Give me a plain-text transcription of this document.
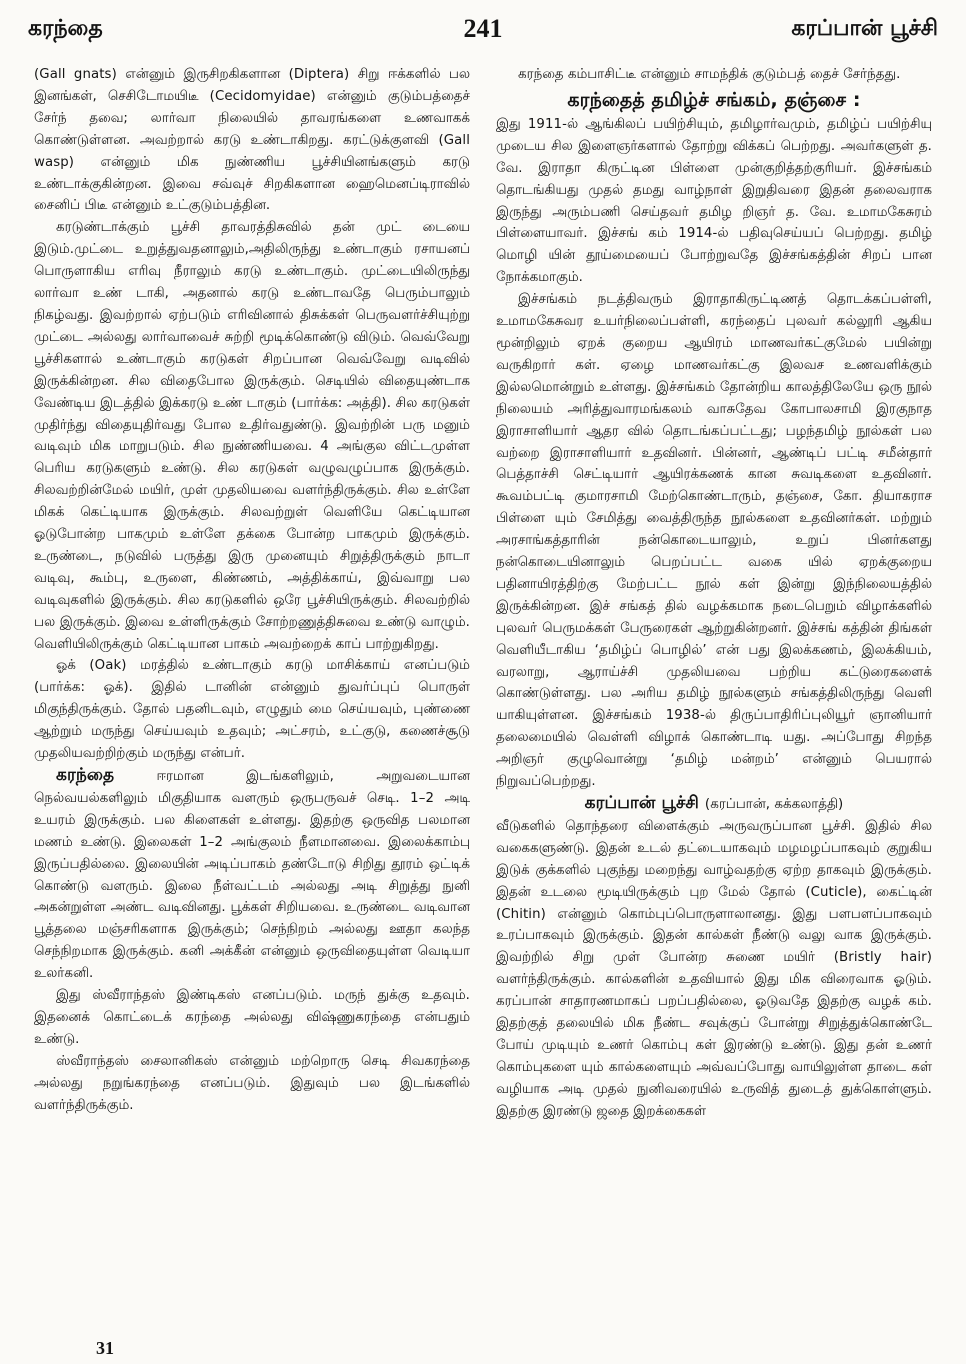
கரந்தை	241	கரப்பான் பூச்சி

(Gall gnats) என்னும் இருசிறகிகளான (Diptera) சிறு ஈக்களில் பல இனங்கள், செசிடோமயிடீ (Cecidomyidae) என்னும் குடும்பத்தைச் சேர்ந் தவை; லார்வா நிலையில் தாவரங்களை உணவாகக் கொண்டுள்ளன. அவற்றால் கரடு உண்டாகிறது. கரட்டுக்குளவி (Gall wasp) என்னும் மிக நுண்ணிய பூச்சியினங்களும் கரடு உண்டாக்குகின்றன. இவை சவ்வுச் சிறகிகளான ஹைமெனப்டிராவில் சைனிப் பிடீ என்னும் உட்குடும்பத்தின.

கரடுண்டாக்கும் பூச்சி தாவரத்திசுவில் தன் முட் டையை இடும்.முட்டை உறுத்துவதனாலும்,அதிலிருந்து உண்டாகும் ரசாயனப் பொருளாகிய எரிவு நீராலும் கரடு உண்டாகும். முட்டையிலிருந்து லார்வா உண் டாகி, அதனால் கரடு உண்டாவதே பெரும்பாலும் நிகழ்வது. இவற்றால் ஏற்படும் எரிவினால் திசுக்கள் பெருவளர்ச்சியுற்று முட்டை அல்லது லார்வாவைச் சுற்றி மூடிக்கொண்டு விடும். வெவ்வேறு பூச்சிகளால் உண்டாகும் கரடுகள் சிறப்பான வெவ்வேறு வடிவில் இருக்கின்றன. சில விதைபோல இருக்கும். செடியில் விதையுண்டாக வேண்டிய இடத்தில் இக்கரடு உண் டாகும் (பார்க்க: அத்தி). சில கரடுகள் முதிர்ந்து விதையுதிர்வது போல உதிர்வதுண்டு. இவற்றின் பரு மனும் வடிவும் மிக மாறுபடும். சில நுண்ணியவை. 4 அங்குல விட்டமுள்ள பெரிய கரடுகளும் உண்டு. சில கரடுகள் வழுவழுப்பாக இருக்கும். சிலவற்றின்மேல் மயிர், முள் முதலியவை வளர்ந்திருக்கும். சில உள்ளே மிகக் கெட்டியாக இருக்கும். சிலவற்றுள் வெளியே கெட்டியான ஓடுபோன்ற பாகமும் உள்ளே தக்கை போன்ற பாகமும் இருக்கும். உருண்டை, நடுவில் பருத்து இரு முனையும் சிறுத்திருக்கும் நாடா வடிவு, கூம்பு, உருளை, கிண்ணம், அத்திக்காய், இவ்வாறு பல வடிவுகளில் இருக்கும். சில கரடுகளில் ஒரே பூச்சியிருக்கும். சிலவற்றில் பல இருக்கும். இவை உள்ளிருக்கும் சோற்றணுத்திசுவை உண்டு வாழும். வெளியிலிருக்கும் கெட்டியான பாகம் அவற்றைக் காப் பாற்றுகிறது.

ஓக் (Oak) மரத்தில் உண்டாகும் கரடு மாசிக்காய் எனப்படும் (பார்க்க: ஓக்). இதில் டானின் என்னும் துவர்ப்புப் பொருள் மிகுந்திருக்கும். தோல் பதனிடவும், எழுதும் மை செய்யவும், புண்ணை ஆற்றும் மருந்து செய்யவும் உதவும்; அட்சரம், உட்குடு, கணைச்சூடு முதலியவற்றிற்கும் மருந்து என்பர்.

கரந்தை	ஈரமான இடங்களிலும், அறுவடையான நெல்வயல்களிலும் மிகுதியாக வளரும் ஒருபருவச் செடி. 1–2 அடி உயரம் இருக்கும். பல கிளைகள் உள்ளது. இதற்கு ஒருவித பலமான மணம் உண்டு. இலைகள் 1–2 அங்குலம் நீளமானவை. இலைக்காம்பு இருப்பதில்லை. இலையின் அடிப்பாகம் தண்டோடு சிறிது தூரம் ஒட்டிக் கொண்டு வளரும். இலை நீள்வட்டம் அல்லது அடி சிறுத்து நுனி அகன்றுள்ள அண்ட வடிவினது. பூக்கள் சிறியவை. உருண்டை வடிவான பூத்தலை மஞ்சரிகளாக இருக்கும்; செந்நிறம் அல்லது ஊதா கலந்த செந்நிறமாக இருக்கும். கனி அக்கீன் என்னும் ஒருவிதையுள்ள வெடியா உலர்கனி.

இது ஸ்வீராந்தஸ் இண்டிகஸ் எனப்படும். மருந் துக்கு உதவும். இதனைக் கொட்டைக் கரந்தை அல்லது விஷ்ணுகரந்தை என்பதும் உண்டு.

ஸ்வீராந்தஸ் சைலானிகஸ் என்னும் மற்றொரு செடி சிவகரந்தை அல்லது நறுங்கரந்தை எனப்படும். இதுவும் பல இடங்களில் வளர்ந்திருக்கும்.

கரந்தை கம்பாசிட்டீ என்னும் சாமந்திக் குடும்பத் தைச் சேர்ந்தது.

கரந்தைத் தமிழ்ச் சங்கம், தஞ்சை :

இது 1911-ல் ஆங்கிலப் பயிற்சியும், தமிழார்வமும், தமிழ்ப் பயிற்சியு முடைய சில இளைஞர்களால் தோற்று விக்கப் பெற்றது. அவர்களுள் த. வே. இராதா கிருட்டின பிள்ளை முன்குறித்தற்குரியர். இச்சங்கம் தொடங்கியது முதல் தமது வாழ்நாள் இறுதிவரை இதன் தலைவராக இருந்து அரும்பணி செய்தவர் தமிழ றிஞர் த. வே. உமாமகேசுரம் பிள்ளையாவர். இச்சங் கம் 1914-ல் பதிவுசெய்யப் பெற்றது. தமிழ் மொழி யின் தூய்மையைப் போற்றுவதே இச்சங்கத்தின் சிறப் பான நோக்கமாகும்.

இச்சங்கம் நடத்திவரும் இராதாகிருட்டிணத் தொடக்கப்பள்ளி, உமாமகேசுவர உயர்நிலைப்பள்ளி, கரந்தைப் புலவர் கல்லூரி ஆகிய மூன்றிலும் ஏறக் குறைய ஆயிரம் மாணவர்கட்குமேல் பயின்று வருகிறார் கள். ஏழை மாணவர்கட்கு இலவச உணவளிக்கும் இல்லமொன்றும் உள்ளது. இச்சங்கம் தோன்றிய காலத்திலேயே ஒரு நூல் நிலையம் அரித்துவாரமங்கலம் வாசுதேவ கோபாலசாமி இரகுநாத இராசாளியார் ஆதர வில் தொடங்கப்பட்டது; பழந்தமிழ் நூல்கள் பல வற்றை இராசாளியார் உதவினர். பின்னர், ஆண்டிப் பட்டி சமீன்தார் பெத்தாச்சி செட்டியார் ஆயிரக்கணக் கான சுவடிகளை உதவினர். கூவம்பட்டி குமாரசாமி மேற்கொண்டாரும், தஞ்சை, கோ. தியாகராச பிள்ளை யும் சேமித்து வைத்திருந்த நூல்களை உதவினர்கள். மற்றும் அரசாங்கத்தாரின் நன்கொடையாலும், உறுப் பினர்களது நன்கொடையினாலும் பெறப்பட்ட வகை யில் ஏறக்குறைய பதினாயிரத்திற்கு மேற்பட்ட நூல் கள் இன்று இந்நிலையத்தில் இருக்கின்றன. இச் சங்கத் தில் வழக்கமாக நடைபெறும் விழாக்களில் புலவர் பெருமக்கள் பேருரைகள் ஆற்றுகின்றனர். இச்சங் கத்தின் திங்கள் வெளியீடாகிய ‘தமிழ்ப் பொழில்’ என் பது இலக்கணம், இலக்கியம், வரலாறு, ஆராய்ச்சி முதலியவை பற்றிய கட்டுரைகளைக் கொண்டுள்ளது. பல அரிய தமிழ் நூல்களும் சங்கத்திலிருந்து வெளி யாகியுள்ளன. இச்சங்கம் 1938-ல் திருப்பாதிரிப்புலியூர் ஞானியார் தலைமையில் வெள்ளி விழாக் கொண்டாடி யது. அப்போது சிறந்த அறிஞர் குழுவொன்று ‘தமிழ் மன்றம்’ என்னும் பெயரால் நிறுவப்பெற்றது.

கரப்பான் பூச்சி (கரப்பான், கக்கலாத்தி)

வீடுகளில் தொந்தரை விளைக்கும் அருவருப்பான பூச்சி. இதில் சில வகைகளுண்டு. இதன் உடல் தட்டையாகவும் மழமழப்பாகவும் குறுகிய இடுக் குக்களில் புகுந்து மறைந்து வாழ்வதற்கு ஏற்ற தாகவும் இருக்கும். இதன் உடலை மூடியிருக்கும் புற மேல் தோல் (Cuticle), கைட்டின் (Chitin) என்னும் கொம்புப்பொருளாலானது. இது பளபளப்பாகவும் உரப்பாகவும் இருக்கும். இதன் கால்கள் நீண்டு வலு வாக இருக்கும். இவற்றில் சிறு முள் போன்ற சுணை மயிர் (Bristly hair) வளர்ந்திருக்கும். கால்களின் உதவியால் இது மிக விரைவாக ஓடும். கரப்பான் சாதாரணமாகப் பறப்பதில்லை, ஓடுவதே இதற்கு வழக் கம். இதற்குத் தலையில் மிக நீண்ட சவுக்குப் போன்று சிறுத்துக்கொண்டே போய் முடியும் உணர் கொம்பு கள் இரண்டு உண்டு. இது தன் உணர் கொம்புகளை யும் கால்களையும் அவ்வப்போது வாயிலுள்ள தாடை கள் வழியாக அடி முதல் நுனிவரையில் உருவித் துடைத் துக்கொள்ளும். இதற்கு இரண்டு ஜதை இறக்கைகள்

31
